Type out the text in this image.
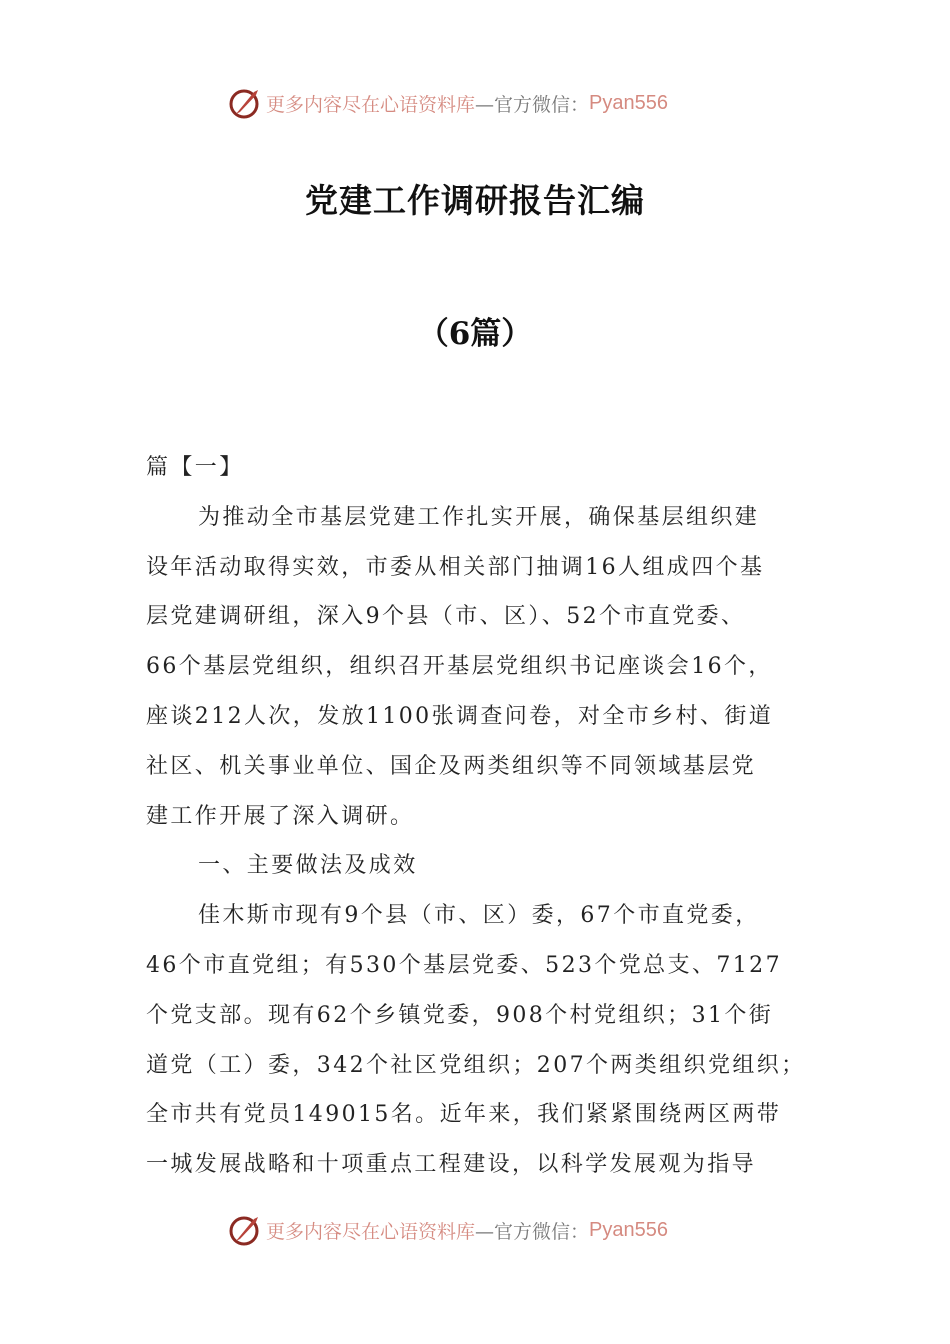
更多内容尽在心语资料库 —官方微信： Pyan556
党建工作调研报告汇编
（6篇）
篇【一】
为推动全市基层党建工作扎实开展，确保基层组织建
设年活动取得实效，市委从相关部门抽调16人组成四个基
层党建调研组，深入9个县（市、区）、52个市直党委、
66个基层党组织，组织召开基层党组织书记座谈会16个，
座谈212人次，发放1100张调查问卷，对全市乡村、街道
社区、机关事业单位、国企及两类组织等不同领域基层党
建工作开展了深入调研。
一、主要做法及成效
佳木斯市现有9个县（市、区）委，67个市直党委，
46个市直党组；有530个基层党委、523个党总支、7127
个党支部。现有62个乡镇党委，908个村党组织；31个街
道党（工）委，342个社区党组织；207个两类组织党组织；
全市共有党员149015名。近年来，我们紧紧围绕两区两带
一城发展战略和十项重点工程建设，以科学发展观为指导
更多内容尽在心语资料库 —官方微信： Pyan556
